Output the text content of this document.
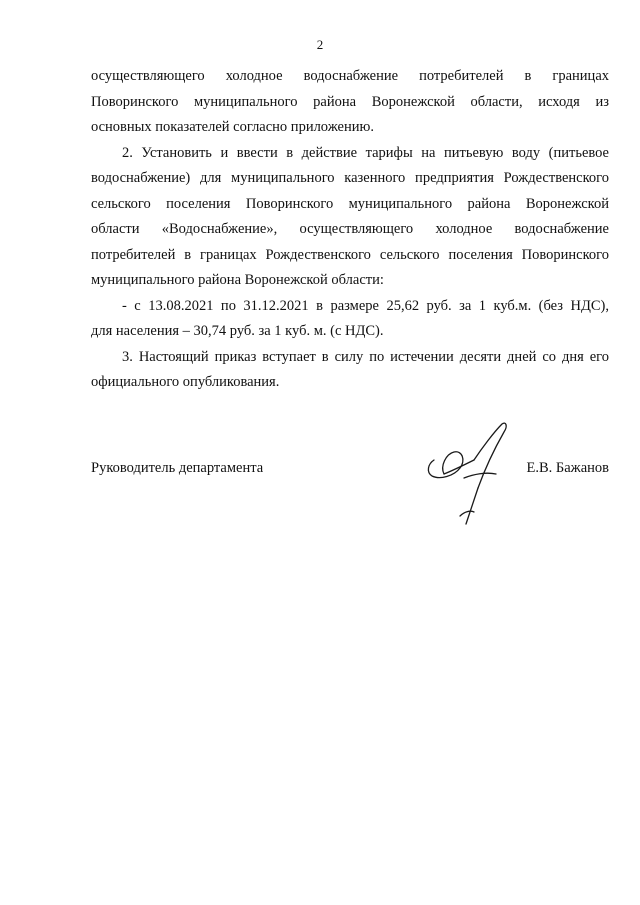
2
осуществляющего холодное водоснабжение потребителей в границах
Поворинского муниципального района Воронежской области, исходя из
основных показателей согласно приложению.
2. Установить и ввести в действие тарифы на питьевую воду (питьевое
водоснабжение) для муниципального казенного предприятия Рождественского
сельского поселения Поворинского муниципального района Воронежской
области «Водоснабжение», осуществляющего холодное водоснабжение
потребителей в границах Рождественского сельского поселения Поворинского
муниципального района Воронежской области:
- с 13.08.2021 по 31.12.2021 в размере 25,62 руб. за 1 куб.м. (без НДС),
для населения – 30,74 руб. за 1 куб. м. (с НДС).
3. Настоящий приказ вступает в силу по истечении десяти дней со дня его
официального опубликования.
Руководитель департамента	Е.В. Бажанов
